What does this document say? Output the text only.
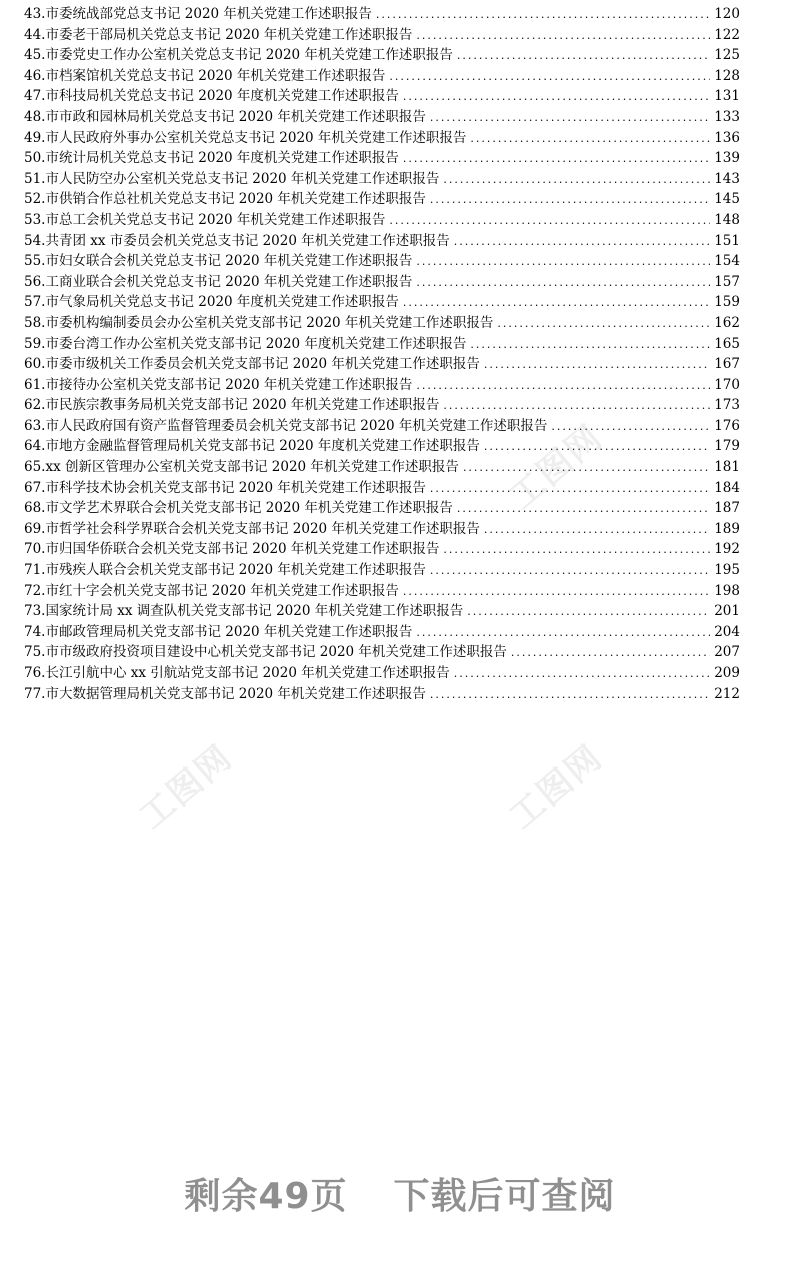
43.市委统战部党总支书记 2020 年机关党建工作述职报告 .....	120
44.市委老干部局机关党总支书记 2020 年机关党建工作述职报告 .....	122
45.市委党史工作办公室机关党总支书记 2020 年机关党建工作述职报告 .....	125
46.市档案馆机关党总支书记 2020 年机关党建工作述职报告 .....	128
47.市科技局机关党总支书记 2020 年度机关党建工作述职报告 .....	131
48.市市政和园林局机关党总支书记 2020 年机关党建工作述职报告 .....	133
49.市人民政府外事办公室机关党总支书记 2020 年机关党建工作述职报告 .....	136
50.市统计局机关党总支书记 2020 年度机关党建工作述职报告 .....	139
51.市人民防空办公室机关党总支书记 2020 年机关党建工作述职报告 .....	143
52.市供销合作总社机关党总支书记 2020 年机关党建工作述职报告 .....	145
53.市总工会机关党总支书记 2020 年机关党建工作述职报告 .....	148
54.共青团 xx 市委员会机关党总支书记 2020 年机关党建工作述职报告 .....	151
55.市妇女联合会机关党总支书记 2020 年机关党建工作述职报告 .....	154
56.工商业联合会机关党总支书记 2020 年机关党建工作述职报告 .....	157
57.市气象局机关党总支书记 2020 年度机关党建工作述职报告 .....	159
58.市委机构编制委员会办公室机关党支部书记 2020 年机关党建工作述职报告 .....	162
59.市委台湾工作办公室机关党支部书记 2020 年度机关党建工作述职报告 .....	165
60.市委市级机关工作委员会机关党支部书记 2020 年机关党建工作述职报告 .....	167
61.市接待办公室机关党支部书记 2020 年机关党建工作述职报告 .....	170
62.市民族宗教事务局机关党支部书记 2020 年机关党建工作述职报告 .....	173
63.市人民政府国有资产监督管理委员会机关党支部书记 2020 年机关党建工作述职报告 .....	176
64.市地方金融监督管理局机关党支部书记 2020 年度机关党建工作述职报告 .....	179
65.xx 创新区管理办公室机关党支部书记 2020 年机关党建工作述职报告 .....	181
67.市科学技术协会机关党支部书记 2020 年机关党建工作述职报告 .....	184
68.市文学艺术界联合会机关党支部书记 2020 年机关党建工作述职报告 .....	187
69.市哲学社会科学界联合会机关党支部书记 2020 年机关党建工作述职报告 .....	189
70.市归国华侨联合会机关党支部书记 2020 年机关党建工作述职报告 .....	192
71.市残疾人联合会机关党支部书记 2020 年机关党建工作述职报告 .....	195
72.市红十字会机关党支部书记 2020 年机关党建工作述职报告 .....	198
73.国家统计局 xx 调查队机关党支部书记 2020 年机关党建工作述职报告 .....	201
74.市邮政管理局机关党支部书记 2020 年机关党建工作述职报告 .....	204
75.市市级政府投资项目建设中心机关党支部书记 2020 年机关党建工作述职报告 .....	207
76.长江引航中心 xx 引航站党支部书记 2020 年机关党建工作述职报告 .....	209
77.市大数据管理局机关党支部书记 2020 年机关党建工作述职报告 .....	212
工图网	工图网
工图网
剩余49页 下载后可查阅
